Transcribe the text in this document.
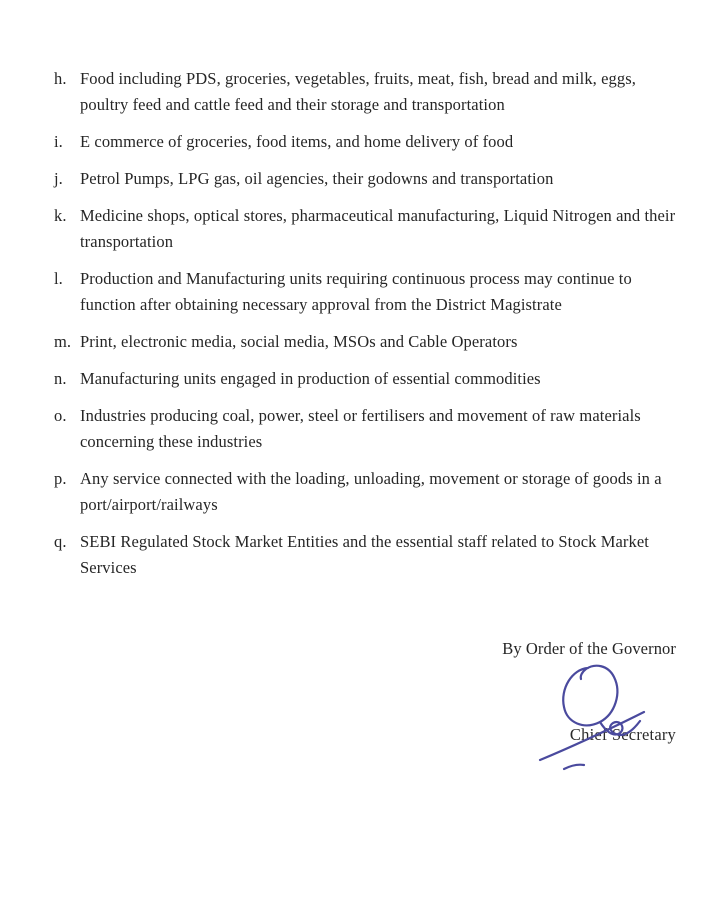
h. Food including PDS, groceries, vegetables, fruits, meat, fish, bread and milk, eggs, poultry feed and cattle feed and their storage and transportation
i.	E commerce of groceries, food items, and home delivery of food
j.	Petrol Pumps, LPG gas, oil agencies, their godowns and transportation
k. Medicine shops, optical stores, pharmaceutical manufacturing, Liquid Nitrogen and their transportation
l.	Production and Manufacturing units requiring continuous process may continue to function after obtaining necessary approval from the District Magistrate
m. Print, electronic media, social media, MSOs and Cable Operators
n. Manufacturing units engaged in production of essential commodities
o. Industries producing coal, power, steel or fertilisers and movement of raw materials concerning these industries
p. Any service connected with the loading, unloading, movement or storage of goods in a port/airport/railways
q. SEBI Regulated Stock Market Entities and the essential staff related to Stock Market Services
By Order of the Governor
Chief Secretary
